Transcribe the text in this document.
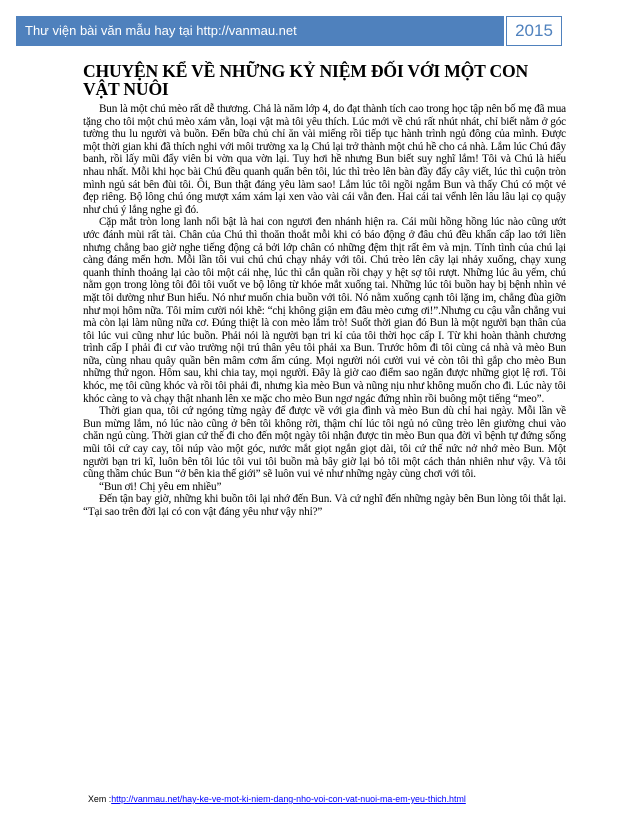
Thư viện bài văn mẫu hay tại http://vanmau.net	2015
CHUYỆN KỂ VỀ NHỮNG KỶ NIỆM ĐỐI VỚI MỘT CON VẬT NUÔI

Bun là một chú mèo rất dễ thương. Chả là năm lớp 4, do đạt thành tích cao trong học tập nên bố mẹ đã mua tặng cho tôi một chú mèo xám vằn, loại vật mà tôi yêu thích. Lúc mới về chú rất nhút nhát, chỉ biết nằm ở góc tường thu lu người và buồn. Đến bữa chủ chỉ ăn vài miếng rồi tiếp tục hành trình ngủ đông của mình. Được một thời gian khi đã thích nghi với môi trường xa lạ Chú lại trở thành một chú hề cho cả nhà. Lắm lúc Chú đây banh, rồi lấy mũi đẩy viên bi vờn qua vờn lại. Tuy hơi hề nhưng Bun biết suy nghĩ lắm! Tôi và Chú là hiểu nhau nhất. Mỗi khi học bài Chú đều quanh quẩn bên tôi, lúc thì trèo lên bàn đầy đẩy cây viết, lúc thì cuộn tròn mình ngủ sát bên đùi tôi. Ôi, Bun thật đáng yêu làm sao! Lắm lúc tôi ngồi ngắm Bun và thấy Chú có một vẻ đẹp riêng. Bộ lông chú óng mượt xám xám lại xen vào vài cái vằn đen. Hai cái tai vểnh lên lâu lâu lại cọ quậy như chú ý lắng nghe gì đó.

Cặp mắt tròn long lanh nổi bật là hai con ngươi đen nhánh hiện ra. Cái mũi hồng hồng lúc nào cũng ướt ước đánh mùi rất tài. Chân của Chú thì thoăn thoắt mỗi khi có báo động ở đâu chú đều khẩn cấp lao tới liền nhưng chẳng bao giờ nghe tiếng động cả bởi lớp chân có những đệm thịt rất êm và mịn. Tính tình của chú lại càng đáng mến hơn. Mỗi lần tôi vui chú chú chạy nhảy với tôi. Chú trèo lên cây lại nhảy xuống, chạy xung quanh thỉnh thoảng lại cào tôi một cái nhẹ, lúc thì cắn quần rồi chạy y hệt sợ tôi rượt. Những lúc âu yếm, chú nằm gọn trong lòng tôi đôi tôi vuốt ve bộ lông từ khóe mắt xuống tai. Những lúc tôi buồn hay bị bệnh nhìn vẻ mặt tôi dường như Bun hiểu. Nó như muốn chia buồn với tôi. Nó nằm xuống cạnh tôi lặng im, chẳng đùa giỡn như mọi hôm nữa. Tôi mỉm cười nói khẽ: “chị không giận em đâu mèo cưng ơi!”.Nhưng cu cậu vẫn chẳng vui mà còn lại làm nũng nữa cơ. Đúng thiệt là con mèo lắm trò! Suốt thời gian đó Bun là một người bạn thân của tôi lúc vui cũng như lúc buồn. Phải nói là người bạn tri kỉ của tôi thời học cấp I. Từ khi hoàn thành chương trình cấp I phải đi cư vào trường nội trú thân yêu tôi phải xa Bun. Trước hôm đi tôi cùng cả nhà và mèo Bun nữa, cùng nhau quây quần bên mâm cơm ấm cúng. Mọi người nói cười vui vẻ còn tôi thì gắp cho mèo Bun những thứ ngon. Hôm sau, khi chia tay, mọi người. Đây là giờ cao điểm sao ngăn được những giọt lệ rơi. Tôi khóc, mẹ tôi cũng khóc và rồi tôi phải đi, nhưng kìa mèo Bun và nũng nịu như không muốn cho đi. Lúc này tôi khóc càng to và chạy thật nhanh lên xe mặc cho mèo Bun ngơ ngác đứng nhìn rồi buông một tiếng “meo”.

Thời gian qua, tôi cứ ngóng từng ngày để được về với gia đình và mèo Bun dù chỉ hai ngày. Mỗi lần về Bun mừng lắm, nó lúc nào cũng ở bên tôi không rời, thậm chí lúc tôi ngủ nó cũng trèo lên giường chui vào chăn ngủ cùng. Thời gian cứ thế đi cho đến một ngày tôi nhận được tin mèo Bun qua đời vì bệnh tự đứng sống mũi tôi cứ cay cay, tôi núp vào một góc, nước mắt giọt ngắn giọt dài, tôi cứ thế nức nở nhớ mèo Bun. Một người bạn tri kĩ, luôn bên tôi lúc tôi vui tôi buồn mà bây giờ lại bỏ tôi một cách thản nhiên như vậy. Và tôi cũng thầm chúc Bun “ở bên kia thế giới” sẽ luôn vui vẻ như những ngày cùng chơi với tôi.

“Bun ơi! Chị yêu em nhiều”

Đến tận bay giờ, những khi buồn tôi lại nhớ đến Bun. Và cứ nghĩ đến những ngày bên Bun lòng tôi thắt lại. “Tại sao trên đời lại có con vật đáng yêu như vậy nhỉ?”

Xem :http://vanmau.net/hay-ke-ve-mot-ki-niem-dang-nho-voi-con-vat-nuoi-ma-em-yeu-thich.html
